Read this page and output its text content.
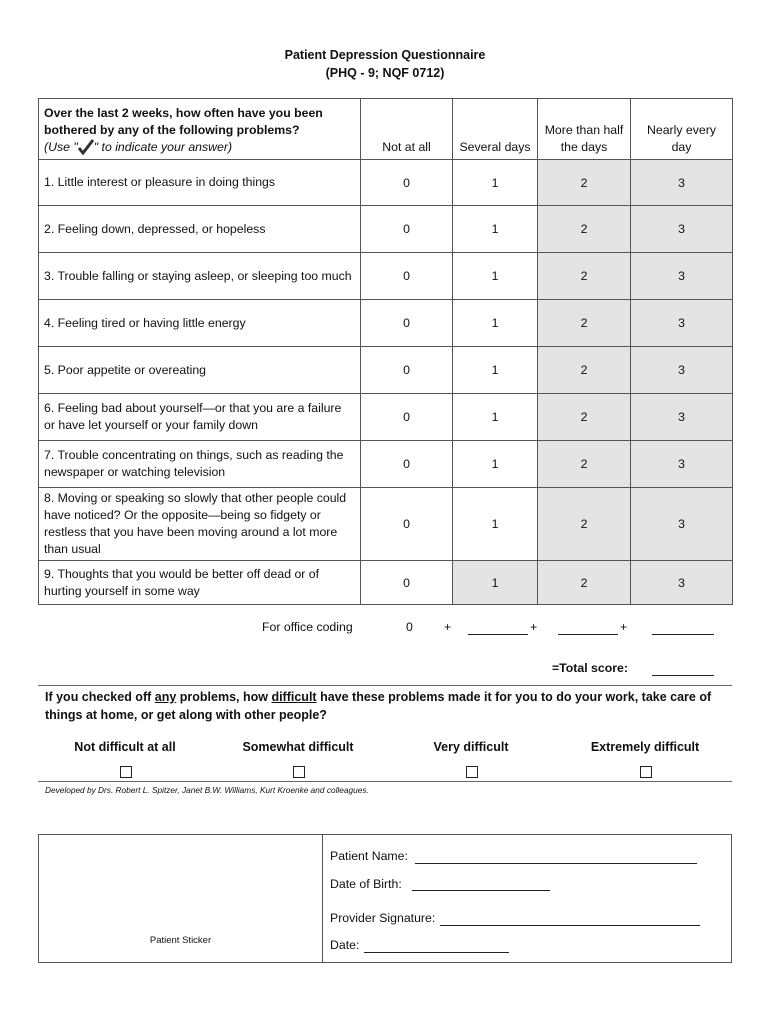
Patient Depression Questionnaire
(PHQ - 9; NQF 0712)
Over the last 2 weeks, how often have you been
bothered by any of the following problems?
(Use " " to indicate your answer)	Not at all	Several days	More than half the days	Nearly every day
1. Little interest or pleasure in doing things	0	1	2	3
2. Feeling down, depressed, or hopeless	0	1	2	3
3. Trouble falling or staying asleep, or sleeping too much	0	1	2	3
4. Feeling tired or having little energy	0	1	2	3
5. Poor appetite or overeating	0	1	2	3
6. Feeling bad about yourself—or that you are a failure or have let yourself or your family down	0	1	2	3
7. Trouble concentrating on things, such as reading the newspaper or watching television	0	1	2	3
8. Moving or speaking so slowly that other people could have noticed? Or the opposite—being so fidgety or restless that you have been moving around a lot more than usual	0	1	2	3
9. Thoughts that you would be better off dead or of hurting yourself in some way	0	1	2	3
For office coding	0	+	+	+
=Total score:
If you checked off any problems, how difficult have these problems made it for you to do your work, take care of
things at home, or get along with other people?
Not difficult at all	Somewhat difficult	Very difficult	Extremely difficult
Developed by Drs. Robert L. Spitzer, Janet B.W. Williams, Kurt Kroenke and colleagues.
Patient Sticker
Patient Name:
Date of Birth:
Provider Signature:
Date:
